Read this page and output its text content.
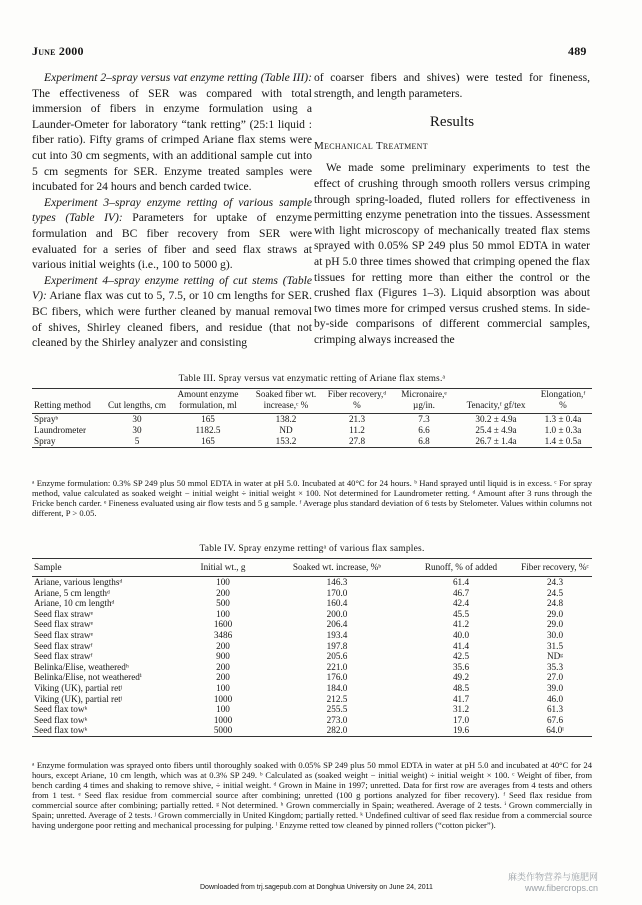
June 2000	489

Experiment 2–spray versus vat enzyme retting (Table III): The effectiveness of SER was compared with total immersion of fibers in enzyme formulation using a Launder-Ometer for laboratory “tank retting” (25:1 liquid : fiber ratio). Fifty grams of crimped Ariane flax stems were cut into 30 cm segments, with an additional sample cut into 5 cm segments for SER. Enzyme treated samples were incubated for 24 hours and bench carded twice.

Experiment 3–spray enzyme retting of various sample types (Table IV): Parameters for uptake of enzyme formulation and BC fiber recovery from SER were evaluated for a series of fiber and seed flax straws at various initial weights (i.e., 100 to 5000 g).

Experiment 4–spray enzyme retting of cut stems (Table V): Ariane flax was cut to 5, 7.5, or 10 cm lengths for SER. BC fibers, which were further cleaned by manual removal of shives, Shirley cleaned fibers, and residue (that not cleaned by the Shirley analyzer and consisting

of coarser fibers and shives) were tested for fineness, strength, and length parameters.

Results

Mechanical Treatment

We made some preliminary experiments to test the effect of crushing through smooth rollers versus crimping through spring-loaded, fluted rollers for effectiveness in permitting enzyme penetration into the tissues. Assessment with light microscopy of mechanically treated flax stems sprayed with 0.05% SP 249 plus 50 mmol EDTA in water at pH 5.0 three times showed that crimping opened the flax tissues for retting more than either the control or the crushed flax (Figures 1–3). Liquid absorption was about two times more for crimped versus crushed stems. In side-by-side comparisons of different commercial samples, crimping always increased the

Table III. Spray versus vat enzymatic retting of Ariane flax stems.ᵃ
Retting method	Cut lengths, cm	Amount enzyme formulation, ml	Soaked fiber wt. increase,ᶜ %	Fiber recovery,ᵈ %	Micronaire,ᵉ µg/in.	Tenacity,ᶠ gf/tex	Elongation,ᶠ %
Sprayᵇ	30	165	138.2	21.3	7.3	30.2 ± 4.9a	1.3 ± 0.4a
Laundrometer	30	1182.5	ND	11.2	6.6	25.4 ± 4.9a	1.0 ± 0.3a
Spray	5	165	153.2	27.8	6.8	26.7 ± 1.4a	1.4 ± 0.5a
ᵃ Enzyme formulation: 0.3% SP 249 plus 50 mmol EDTA in water at pH 5.0. Incubated at 40°C for 24 hours. ᵇ Hand sprayed until liquid is in excess. ᶜ For spray method, value calculated as soaked weight − initial weight ÷ initial weight × 100. Not determined for Laundrometer retting. ᵈ Amount after 3 runs through the Fricke bench carder. ᵉ Fineness evaluated using air flow tests and 5 g sample. ᶠ Average plus standard deviation of 6 tests by Stelometer. Values within columns not different, P > 0.05.
Table IV. Spray enzyme rettingᵃ of various flax samples.
Sample	Initial wt., g	Soaked wt. increase, %ᵇ	Runoff, % of added	Fiber recovery, %ᶜ
Ariane, various lengthsᵈ	100	146.3	61.4	24.3
Ariane, 5 cm lengthᵈ	200	170.0	46.7	24.5
Ariane, 10 cm lengthᵈ	500	160.4	42.4	24.8
Seed flax strawᵉ	100	200.0	45.5	29.0
Seed flax strawᵉ	1600	206.4	41.2	29.0
Seed flax strawᵉ	3486	193.4	40.0	30.0
Seed flax strawᶠ	200	197.8	41.4	31.5
Seed flax strawᶠ	900	205.6	42.5	NDᵍ
Belinka/Elise, weatheredʰ	200	221.0	35.6	35.3
Belinka/Elise, not weatheredⁱ	200	176.0	49.2	27.0
Viking (UK), partial retʲ	100	184.0	48.5	39.0
Viking (UK), partial retʲ	1000	212.5	41.7	46.0
Seed flax towᵏ	100	255.5	31.2	61.3
Seed flax towᵏ	1000	273.0	17.0	67.6
Seed flax towᵏ	5000	282.0	19.6	64.0ˡ
ᵃ Enzyme formulation was sprayed onto fibers until thoroughly soaked with 0.05% SP 249 plus 50 mmol EDTA in water at pH 5.0 and incubated at 40°C for 24 hours, except Ariane, 10 cm length, which was at 0.3% SP 249. ᵇ Calculated as (soaked weight − initial weight) ÷ initial weight × 100. ᶜ Weight of fiber, from bench carding 4 times and shaking to remove shive, ÷ initial weight. ᵈ Grown in Maine in 1997; unretted. Data for first row are averages from 4 tests and others from 1 test. ᵉ Seed flax residue from commercial source after combining; unretted (100 g portions analyzed for fiber recovery). ᶠ Seed flax residue from commercial source after combining; partially retted. ᵍ Not determined. ʰ Grown commercially in Spain; weathered. Average of 2 tests. ⁱ Grown commercially in Spain; unretted. Average of 2 tests. ʲ Grown commercially in United Kingdom; partially retted. ᵏ Undefined cultivar of seed flax residue from a commercial source having undergone poor retting and mechanical processing for pulping. ˡ Enzyme retted tow cleaned by pinned rollers (“cotton picker”).
Downloaded from trj.sagepub.com at Donghua University on June 24, 2011
麻类作物营养与施肥网
www.fibercrops.cn
